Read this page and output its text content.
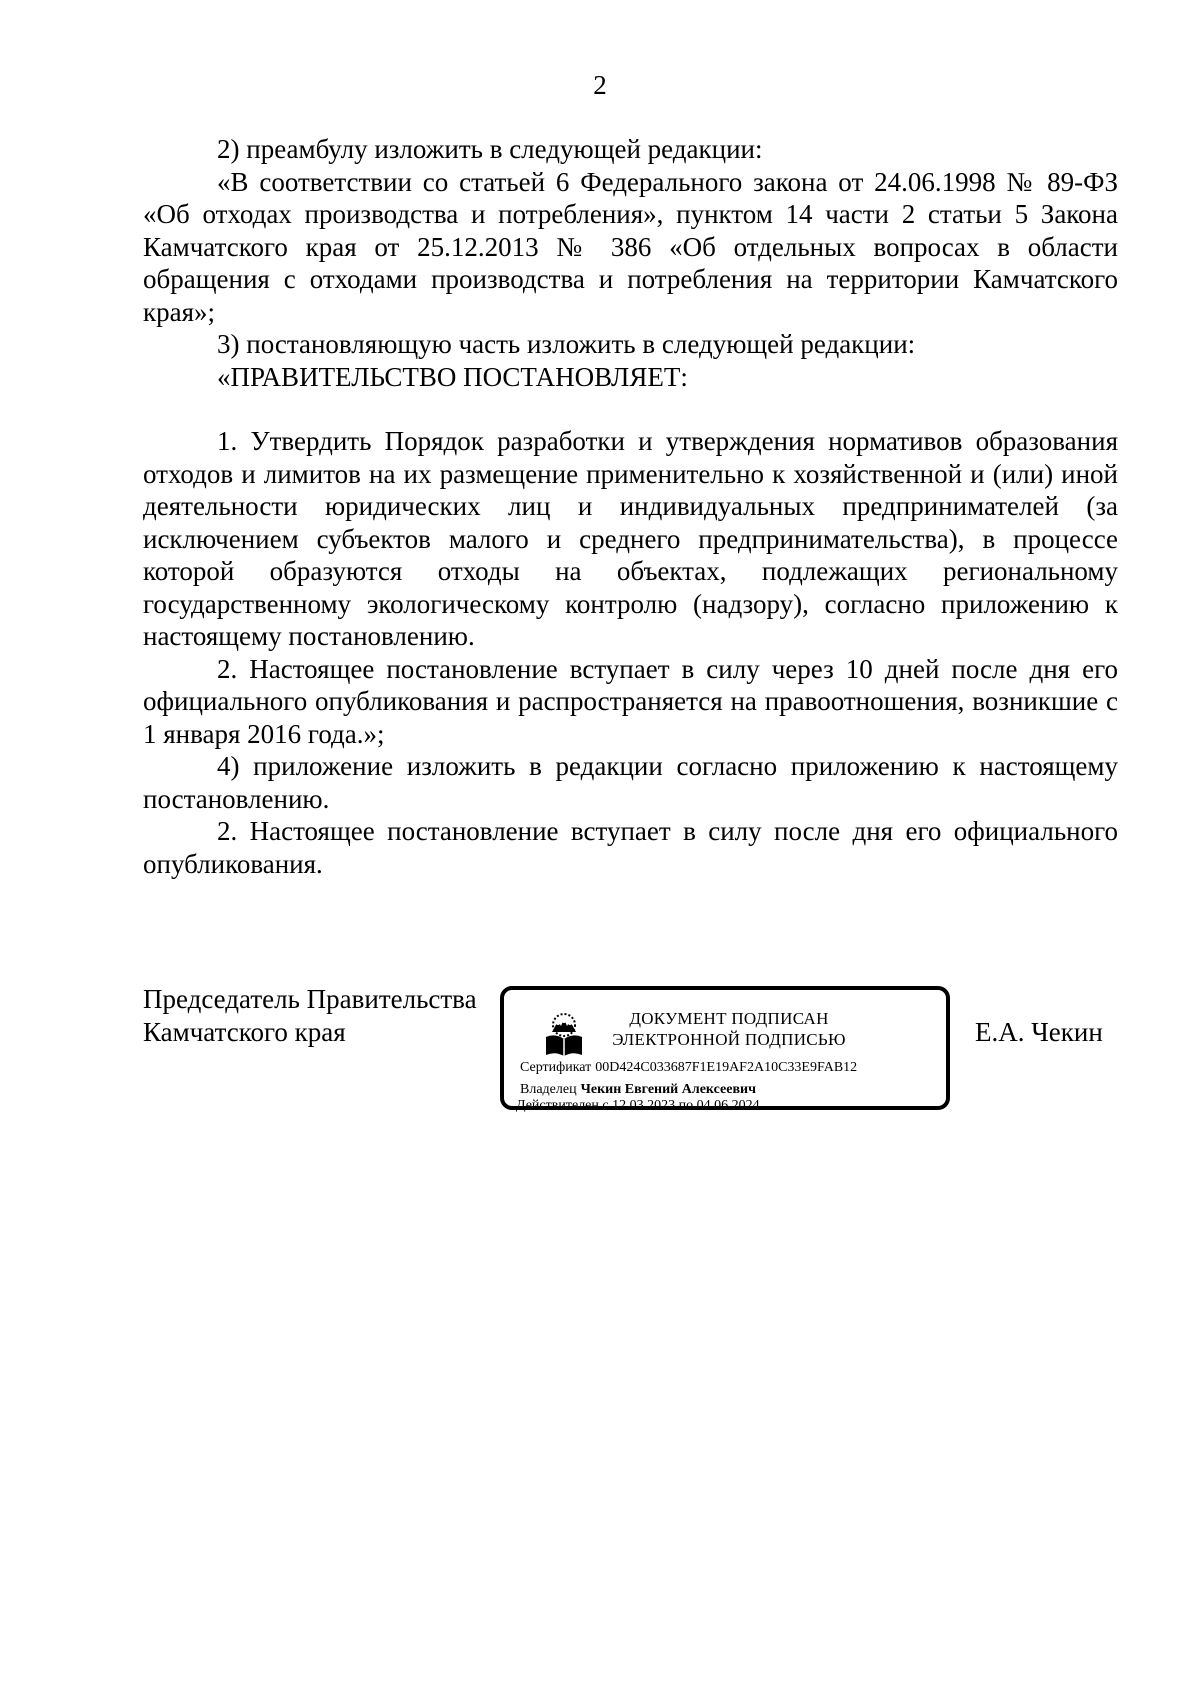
2

2) преамбулу изложить в следующей редакции:

«В соответствии со статьей 6 Федерального закона от 24.06.1998 № 89-ФЗ «Об отходах производства и потребления», пунктом 14 части 2 статьи 5 Закона Камчатского края от 25.12.2013 № 386 «Об отдельных вопросах в области обращения с отходами производства и потребления на территории Камчатского края»;

3) постановляющую часть изложить в следующей редакции:

«ПРАВИТЕЛЬСТВО ПОСТАНОВЛЯЕТ:

1. Утвердить Порядок разработки и утверждения нормативов образования отходов и лимитов на их размещение применительно к хозяйственной и (или) иной деятельности юридических лиц и индивидуальных предпринимателей (за исключением субъектов малого и среднего предпринимательства), в процессе которой образуются отходы на объектах, подлежащих региональному государственному экологическому контролю (надзору), согласно приложению к настоящему постановлению.

2. Настоящее постановление вступает в силу через 10 дней после дня его официального опубликования и распространяется на правоотношения, возникшие с 1 января 2016 года.»;

4) приложение изложить в редакции согласно приложению к настоящему постановлению.

2. Настоящее постановление вступает в силу после дня его официального опубликования.

ДОКУМЕНТ ПОДПИСАН
ЭЛЕКТРОННОЙ ПОДПИСЬЮ
Сертификат 00D424C033687F1E19AF2A10C33E9FAB12
Владелец Чекин Евгений Алексеевич
Действителен с 12.03.2023 по 04.06.2024
Председатель Правительства
Камчатского края	Е.А. Чекин
